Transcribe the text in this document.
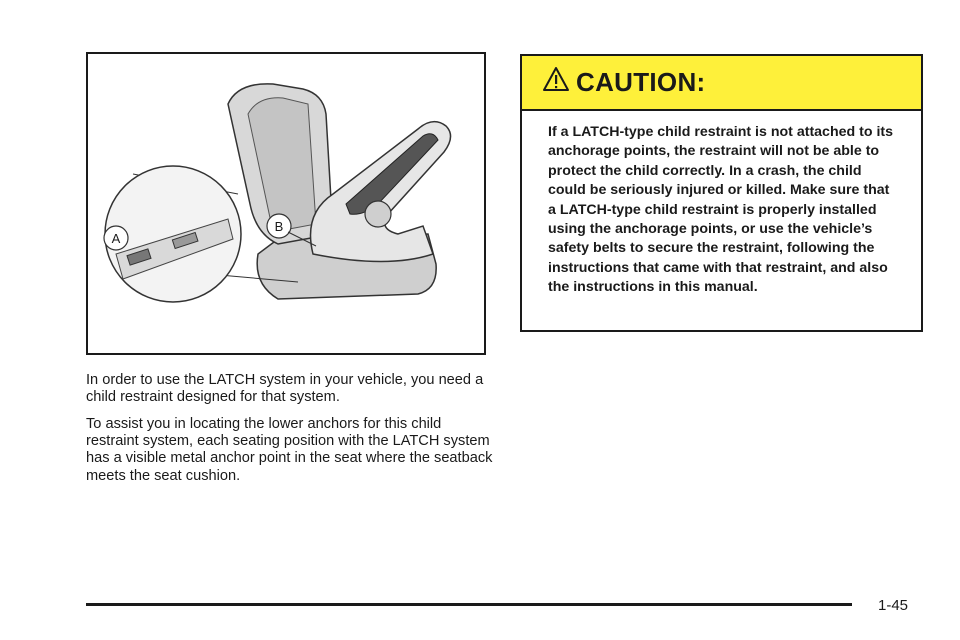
A
B

In order to use the LATCH system in your vehicle, you need a child restraint designed for that system.

To assist you in locating the lower anchors for this child restraint system, each seating position with the LATCH system has a visible metal anchor point in the seat where the seatback meets the seat cushion.

CAUTION:

If a LATCH-type child restraint is not attached to its anchorage points, the restraint will not be able to protect the child correctly. In a crash, the child could be seriously injured or killed. Make sure that a LATCH-type child restraint is properly installed using the anchorage points, or use the vehicle’s safety belts to secure the restraint, following the instructions that came with that restraint, and also the instructions in this manual.

1-45
